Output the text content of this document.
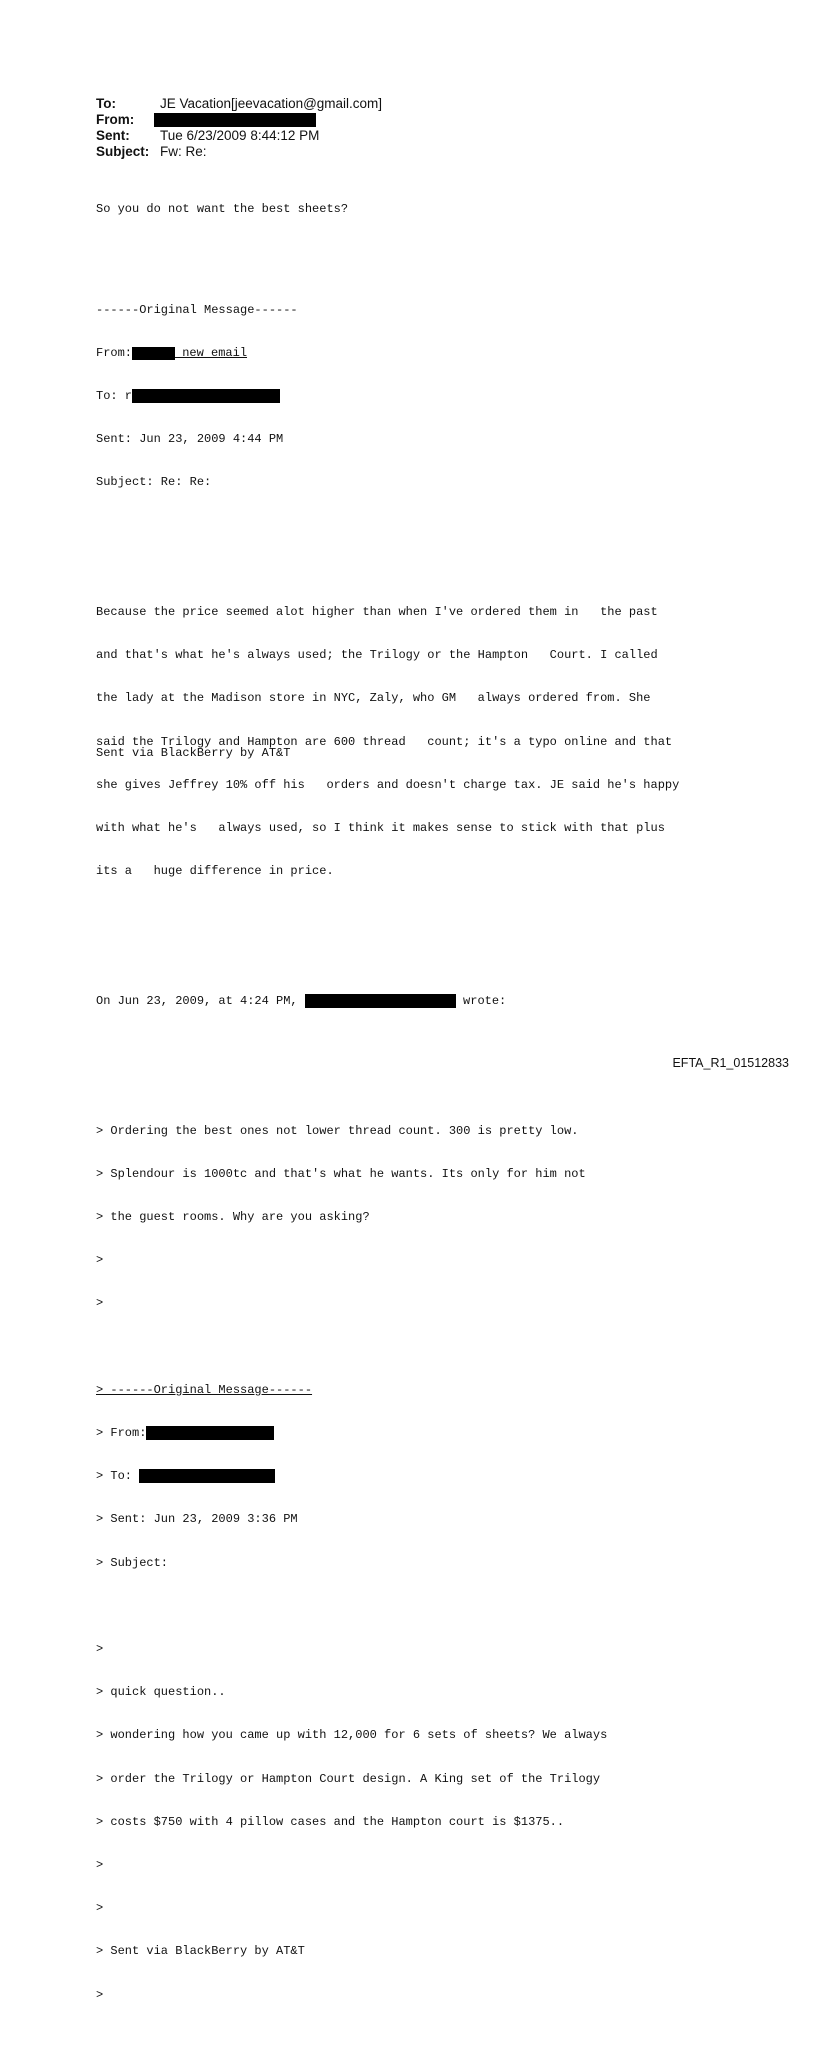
To:	JE Vacation[jeevacation@gmail.com]
From:
Sent: Tue 6/23/2009 8:44:12 PM
Subject: Fw: Re:

So you do not want the best sheets?

------Original Message------

From:	new email

To: r

Sent: Jun 23, 2009 4:44 PM

Subject: Re: Re:

Because the price seemed alot higher than when I've ordered them in   the past

and that's what he's always used; the Trilogy or the Hampton   Court. I called

the lady at the Madison store in NYC, Zaly, who GM   always ordered from. She

said the Trilogy and Hampton are 600 thread   count; it's a typo online and that

she gives Jeffrey 10% off his   orders and doesn't charge tax. JE said he's happy

with what he's   always used, so I think it makes sense to stick with that plus

its a   huge difference in price.

On Jun 23, 2009, at 4:24 PM,	wrote:

> Ordering the best ones not lower thread count. 300 is pretty low.

> Splendour is 1000tc and that's what he wants. Its only for him not

> the guest rooms. Why are you asking?

>

>

> ------Original Message------

> From:

> To:

> Sent: Jun 23, 2009 3:36 PM

> Subject:

>

> quick question..

> wondering how you came up with 12,000 for 6 sets of sheets? We always

> order the Trilogy or Hampton Court design. A King set of the Trilogy

> costs $750 with 4 pillow cases and the Hampton court is $1375..

>

>

> Sent via BlackBerry by AT&T

>

Sent via BlackBerry by AT&T
EFTA_R1_01512833
